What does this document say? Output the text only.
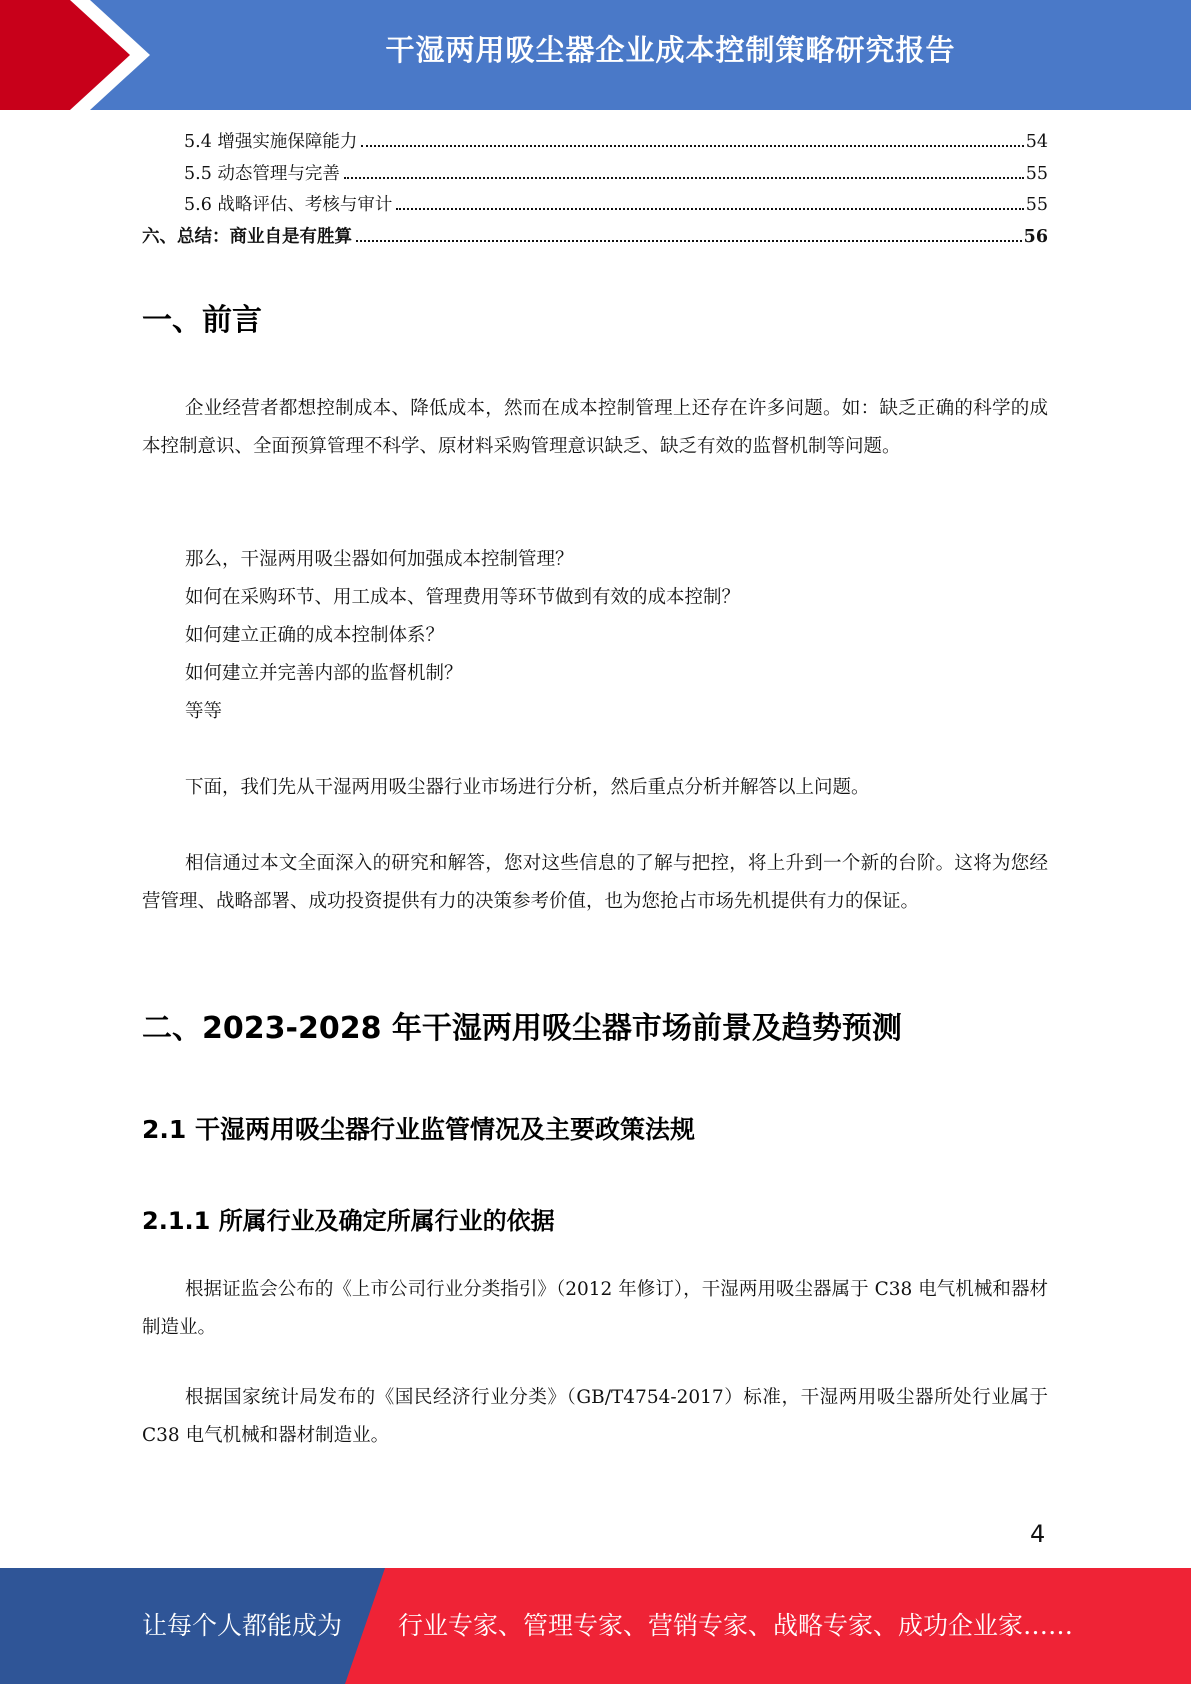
干湿两用吸尘器企业成本控制策略研究报告
5.4 增强实施保障能力	54
5.5 动态管理与完善	55
5.6 战略评估、考核与审计	55
六、总结：商业自是有胜算	56
一、前言
企业经营者都想控制成本、降低成本，然而在成本控制管理上还存在许多问题。如：缺乏正确的科学的成本控制意识、全面预算管理不科学、原材料采购管理意识缺乏、缺乏有效的监督机制等问题。
那么，干湿两用吸尘器如何加强成本控制管理？
如何在采购环节、用工成本、管理费用等环节做到有效的成本控制？
如何建立正确的成本控制体系？
如何建立并完善内部的监督机制？
等等
下面，我们先从干湿两用吸尘器行业市场进行分析，然后重点分析并解答以上问题。
相信通过本文全面深入的研究和解答，您对这些信息的了解与把控，将上升到一个新的台阶。这将为您经营管理、战略部署、成功投资提供有力的决策参考价值，也为您抢占市场先机提供有力的保证。
二、2023-2028 年干湿两用吸尘器市场前景及趋势预测
2.1 干湿两用吸尘器行业监管情况及主要政策法规
2.1.1 所属行业及确定所属行业的依据
根据证监会公布的《上市公司行业分类指引》（2012 年修订），干湿两用吸尘器属于 C38 电气机械和器材制造业。
根据国家统计局发布的《国民经济行业分类》（GB/T4754-2017）标准，干湿两用吸尘器所处行业属于 C38 电气机械和器材制造业。
4
让每个人都能成为 行业专家、管理专家、营销专家、战略专家、成功企业家……
